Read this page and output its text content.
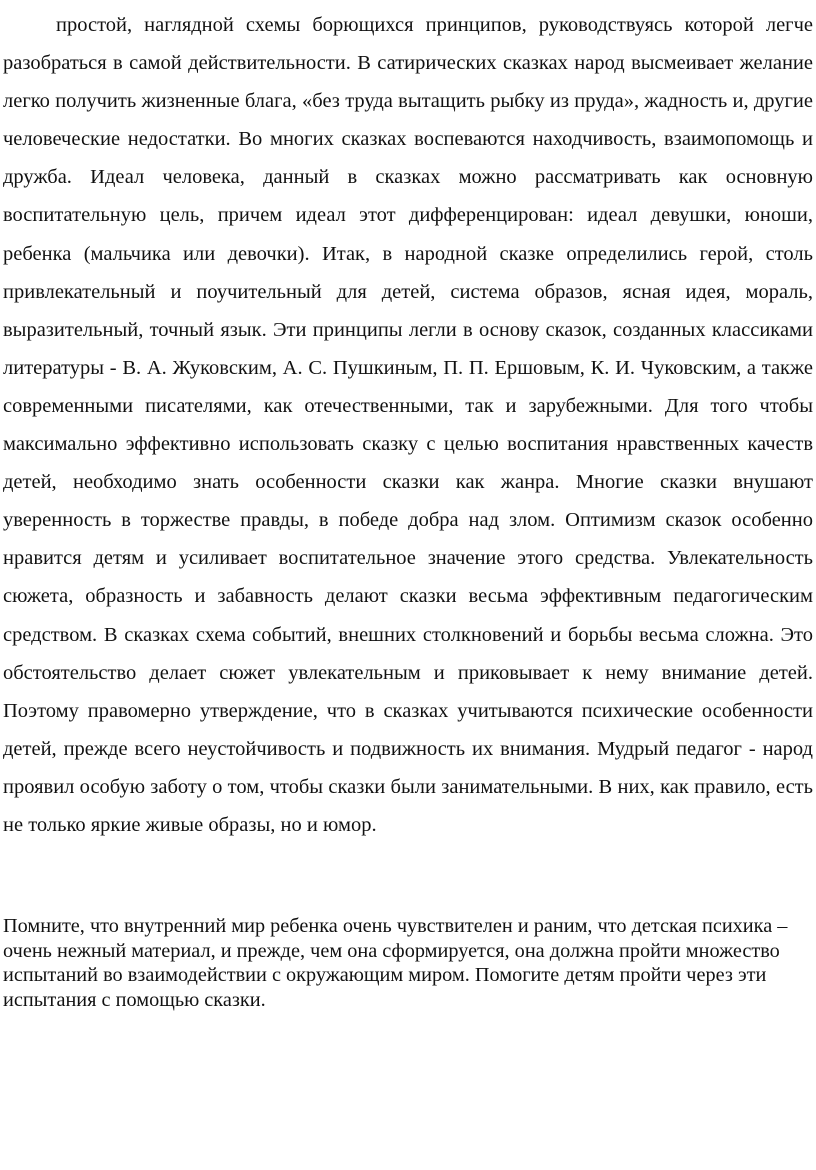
простой, наглядной схемы борющихся принципов, руководствуясь которой легче разобраться в самой действительности. В сатирических сказках народ высмеивает желание легко получить жизненные блага, «без труда вытащить рыбку из пруда», жадность и, другие человеческие недостатки. Во многих сказках воспеваются находчивость, взаимопомощь и дружба. Идеал человека, данный в сказках можно рассматривать как основную воспитательную цель, причем идеал этот дифференцирован: идеал девушки, юноши, ребенка (мальчика или девочки). Итак, в народной сказке определились герой, столь привлекательный и поучительный для детей, система образов, ясная идея, мораль, выразительный, точный язык. Эти принципы легли в основу сказок, созданных классиками литературы - В. А. Жуковским, А. С. Пушкиным, П. П. Ершовым, К. И. Чуковским, а также современными писателями, как отечественными, так и зарубежными. Для того чтобы максимально эффективно использовать сказку с целью воспитания нравственных качеств детей, необходимо знать особенности сказки как жанра. Многие сказки внушают уверенность в торжестве правды, в победе добра над злом. Оптимизм сказок особенно нравится детям и усиливает воспитательное значение этого средства. Увлекательность сюжета, образность и забавность делают сказки весьма эффективным педагогическим средством. В сказках схема событий, внешних столкновений и борьбы весьма сложна. Это обстоятельство делает сюжет увлекательным и приковывает к нему внимание детей. Поэтому правомерно утверждение, что в сказках учитываются психические особенности детей, прежде всего неустойчивость и подвижность их внимания. Мудрый педагог - народ проявил особую заботу о том, чтобы сказки были занимательными. В них, как правило, есть не только яркие живые образы, но и юмор.

Помните, что внутренний мир ребенка очень чувствителен и раним, что детская психика – очень нежный материал, и прежде, чем она сформируется, она должна пройти множество испытаний во взаимодействии с окружающим миром. Помогите детям пройти через эти испытания с помощью сказки.
